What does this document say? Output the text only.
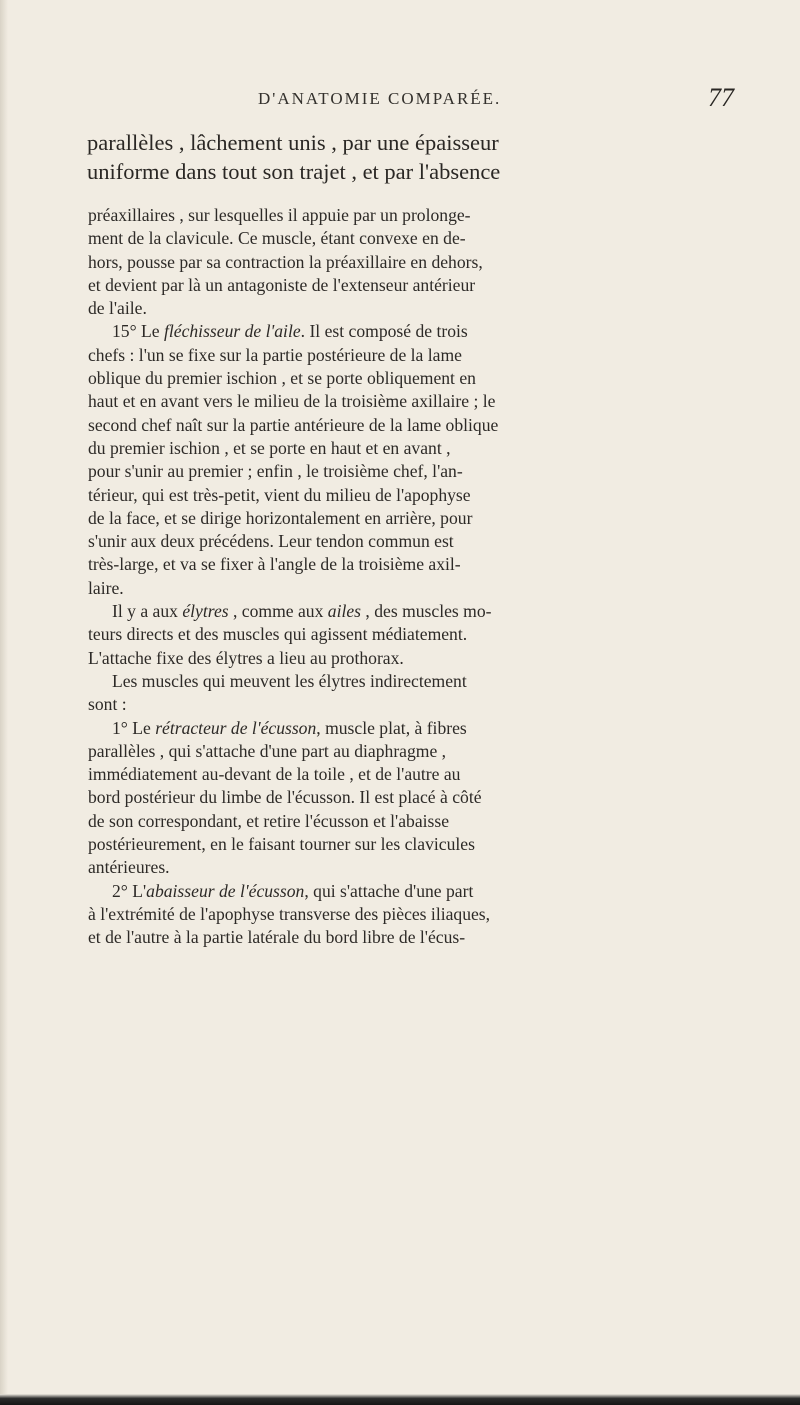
D'ANATOMIE COMPARÉE.	77
parallèles , lâchement unis , par une épaisseur
uniforme dans tout son trajet , et par l'absence
préaxillaires , sur lesquelles il appuie par un prolonge-
ment de la clavicule. Ce muscle, étant convexe en de-
hors, pousse par sa contraction la préaxillaire en dehors,
et devient par là un antagoniste de l'extenseur antérieur
de l'aile.
15° Le fléchisseur de l'aile. Il est composé de trois
chefs : l'un se fixe sur la partie postérieure de la lame
oblique du premier ischion , et se porte obliquement en
haut et en avant vers le milieu de la troisième axillaire ; le
second chef naît sur la partie antérieure de la lame oblique
du premier ischion , et se porte en haut et en avant ,
pour s'unir au premier ; enfin , le troisième chef, l'an-
térieur, qui est très-petit, vient du milieu de l'apophyse
de la face, et se dirige horizontalement en arrière, pour
s'unir aux deux précédens. Leur tendon commun est
très-large, et va se fixer à l'angle de la troisième axil-
laire.
Il y a aux élytres , comme aux ailes , des muscles mo-
teurs directs et des muscles qui agissent médiatement.
L'attache fixe des élytres a lieu au prothorax.
Les muscles qui meuvent les élytres indirectement
sont :
1° Le rétracteur de l'écusson, muscle plat, à fibres
parallèles , qui s'attache d'une part au diaphragme ,
immédiatement au-devant de la toile , et de l'autre au
bord postérieur du limbe de l'écusson. Il est placé à côté
de son correspondant, et retire l'écusson et l'abaisse
postérieurement, en le faisant tourner sur les clavicules
antérieures.
2° L'abaisseur de l'écusson, qui s'attache d'une part
à l'extrémité de l'apophyse transverse des pièces iliaques,
et de l'autre à la partie latérale du bord libre de l'écus-
